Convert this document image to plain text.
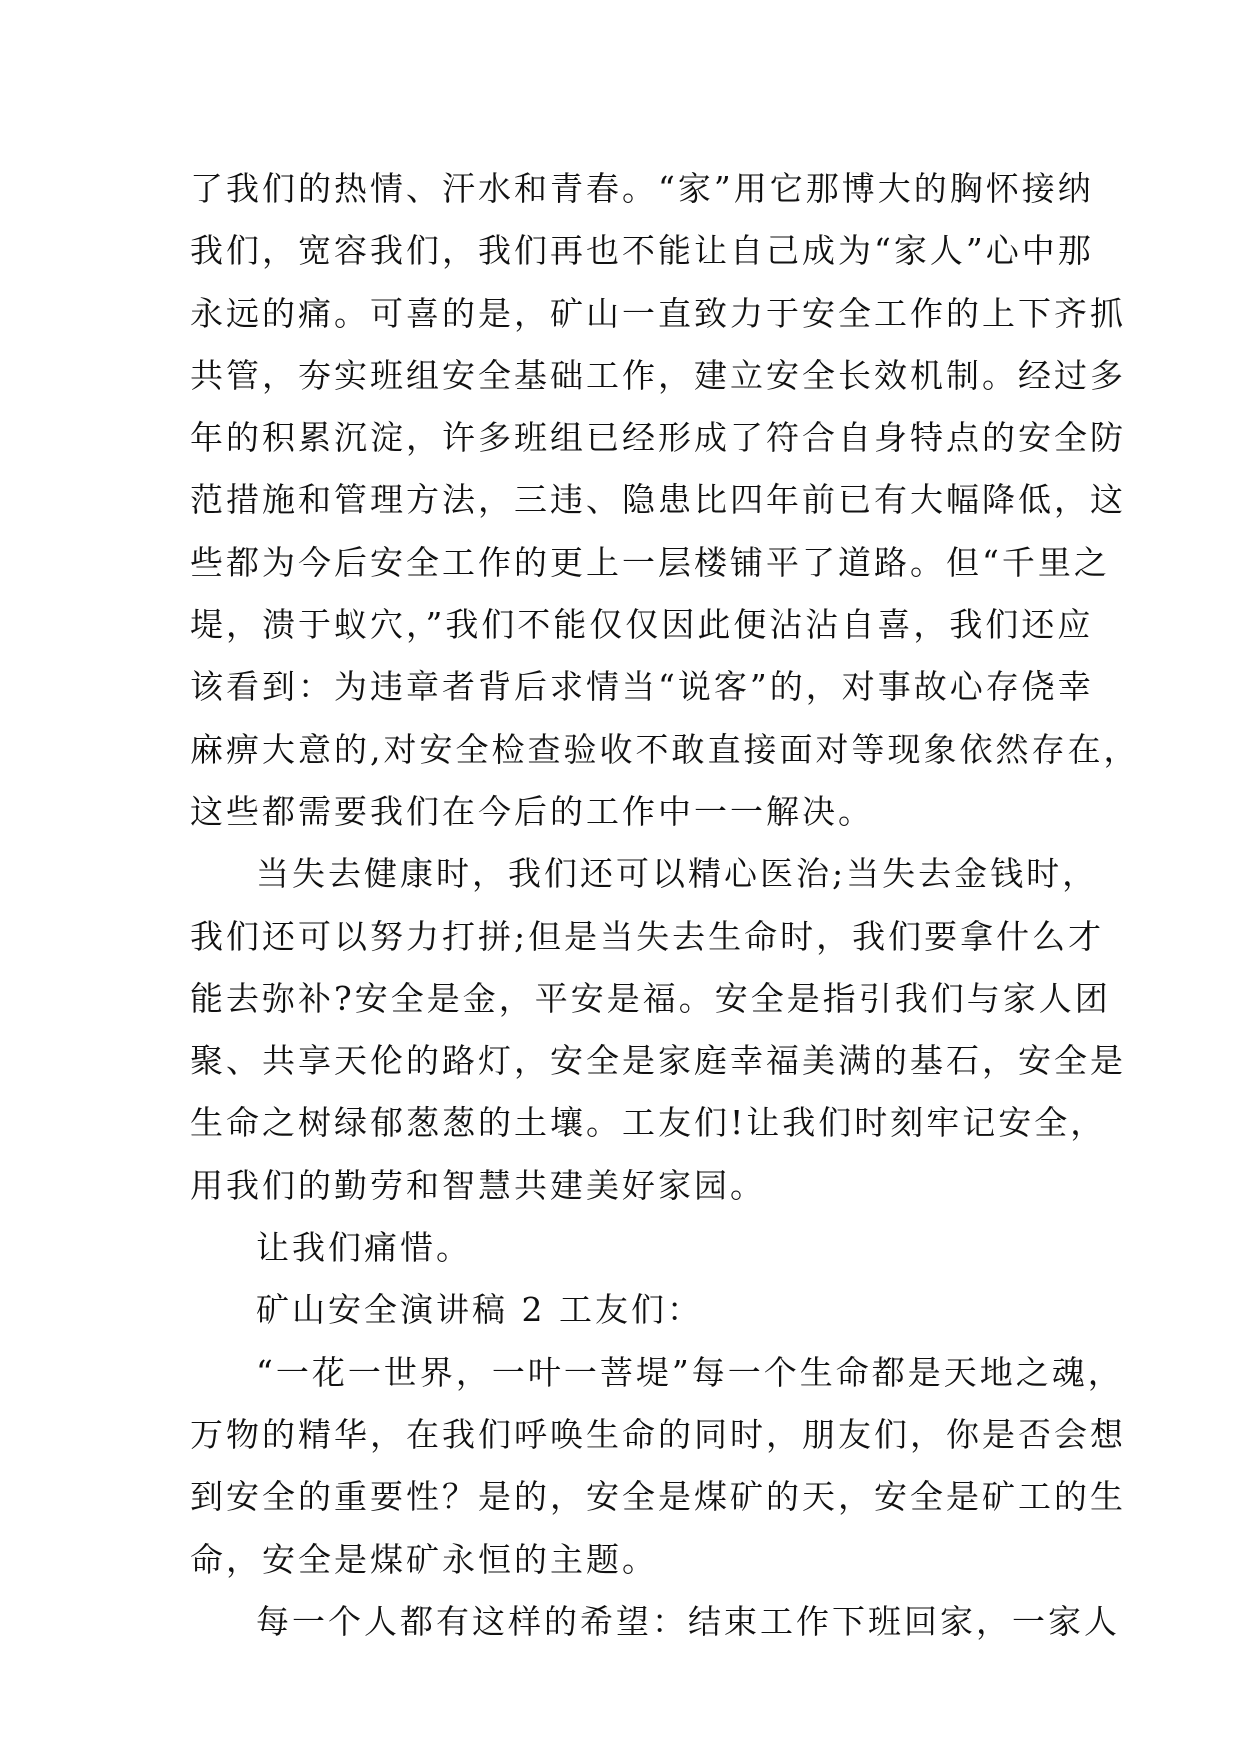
了我们的热情、汗水和青春。“家”用它那博大的胸怀接纳
我们，宽容我们，我们再也不能让自己成为“家人”心中那
永远的痛。可喜的是，矿山一直致力于安全工作的上下齐抓
共管，夯实班组安全基础工作，建立安全长效机制。经过多
年的积累沉淀，许多班组已经形成了符合自身特点的安全防
范措施和管理方法，三违、隐患比四年前已有大幅降低，这
些都为今后安全工作的更上一层楼铺平了道路。但“千里之
堤，溃于蚁穴，”我们不能仅仅因此便沾沾自喜，我们还应
该看到：为违章者背后求情当“说客”的，对事故心存侥幸
麻痹大意的,对安全检查验收不敢直接面对等现象依然存在，
这些都需要我们在今后的工作中一一解决。
当失去健康时，我们还可以精心医治;当失去金钱时，
我们还可以努力打拼;但是当失去生命时，我们要拿什么才
能去弥补?安全是金，平安是福。安全是指引我们与家人团
聚、共享天伦的路灯，安全是家庭幸福美满的基石，安全是
生命之树绿郁葱葱的土壤。工友们!让我们时刻牢记安全，
用我们的勤劳和智慧共建美好家园。
让我们痛惜。
矿山安全演讲稿 2 工友们：
“一花一世界，一叶一菩堤”每一个生命都是天地之魂，
万物的精华，在我们呼唤生命的同时，朋友们，你是否会想
到安全的重要性？是的，安全是煤矿的天，安全是矿工的生
命，安全是煤矿永恒的主题。
每一个人都有这样的希望：结束工作下班回家，一家人
